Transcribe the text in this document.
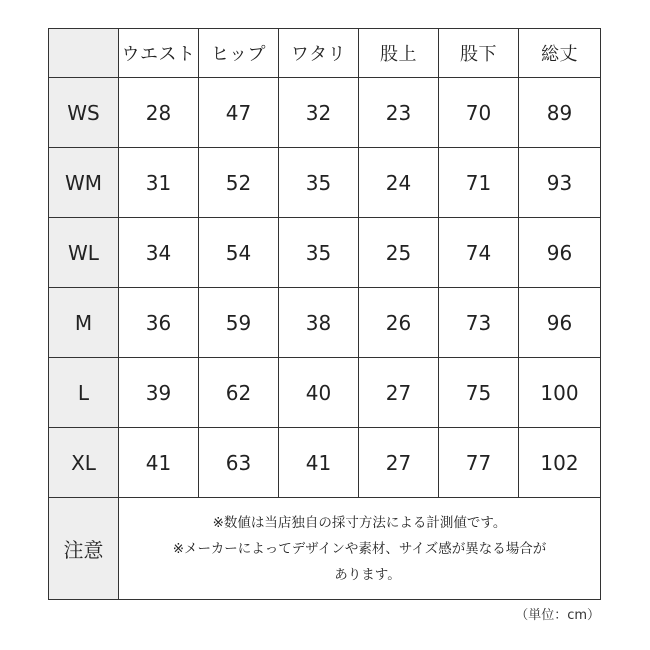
	ウエスト	ヒップ	ワタリ	股上	股下	総丈
WS	28	47	32	23	70	89
WM	31	52	35	24	71	93
WL	34	54	35	25	74	96
M	36	59	38	26	73	96
L	39	62	40	27	75	100
XL	41	63	41	27	77	102
注意	※数値は当店独自の採寸方法による計測値です。
※メーカーによってデザインや素材、サイズ感が異なる場合が
あります。					
（単位：cm）
